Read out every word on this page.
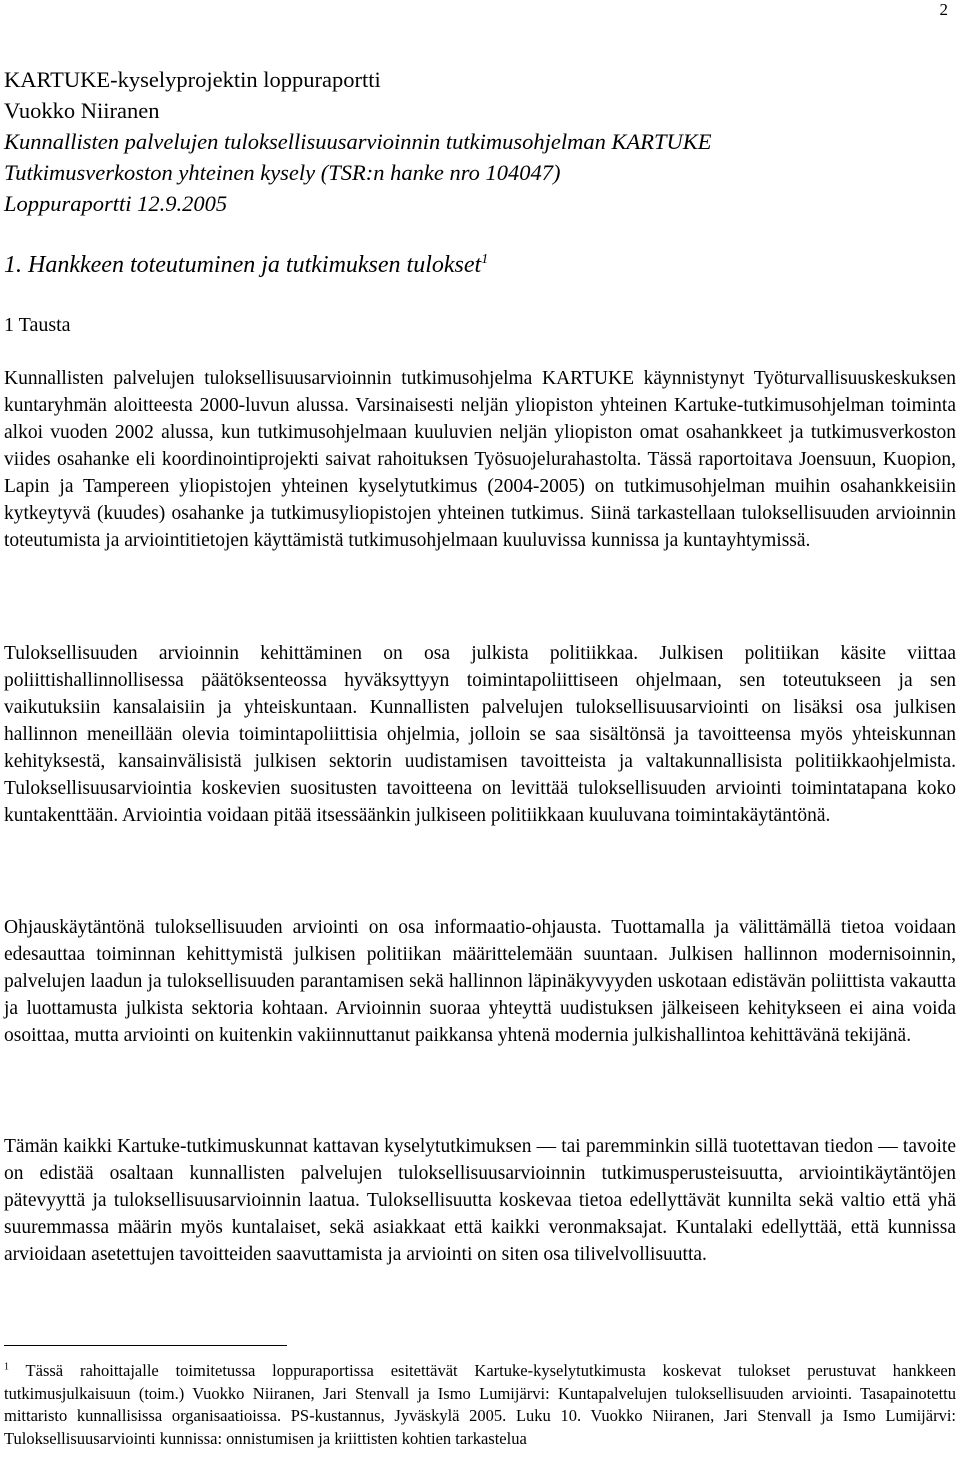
2
KARTUKE-kyselyprojektin loppuraportti
Vuokko Niiranen
Kunnallisten palvelujen tuloksellisuusarvioinnin tutkimusohjelman KARTUKE
Tutkimusverkoston yhteinen kysely (TSR:n hanke nro 104047)
Loppuraportti 12.9.2005
1. Hankkeen toteutuminen ja tutkimuksen tulokset$^1$
1 Tausta

Kunnallisten palvelujen tuloksellisuusarvioinnin tutkimusohjelma KARTUKE käynnistynyt Työturvallisuuskeskuksen kuntaryhmän aloitteesta 2000-luvun alussa. Varsinaisesti neljän yliopiston yhteinen Kartuke-tutkimusohjelman toiminta alkoi vuoden 2002 alussa, kun tutkimusohjelmaan kuuluvien neljän yliopiston omat osahankkeet ja tutkimusverkoston viides osahanke eli koordinointiprojekti saivat rahoituksen Työsuojelurahastolta. Tässä raportoitava Joensuun, Kuopion, Lapin ja Tampereen yliopistojen yhteinen kyselytutkimus (2004-2005) on tutkimusohjelman muihin osahankkeisiin kytkeytyvä (kuudes) osahanke ja tutkimusyliopistojen yhteinen tutkimus. Siinä tarkastellaan tuloksellisuuden arvioinnin toteutumista ja arviointitietojen käyttämistä tutkimusohjelmaan kuuluvissa kunnissa ja kuntayhtymissä.

Tuloksellisuuden arvioinnin kehittäminen on osa julkista politiikkaa. Julkisen politiikan käsite viittaa poliittishallinnollisessa päätöksenteossa hyväksyttyyn toimintapoliittiseen ohjelmaan, sen toteutukseen ja sen vaikutuksiin kansalaisiin ja yhteiskuntaan. Kunnallisten palvelujen tuloksellisuusarviointi on lisäksi osa julkisen hallinnon meneillään olevia toimintapoliittisia ohjelmia, jolloin se saa sisältönsä ja tavoitteensa myös yhteiskunnan kehityksestä, kansainvälisistä julkisen sektorin uudistamisen tavoitteista ja valtakunnallisista politiikkaohjelmista. Tuloksellisuusarviointia koskevien suositusten tavoitteena on levittää tuloksellisuuden arviointi toimintatapana koko kuntakenttään. Arviointia voidaan pitää itsessäänkin julkiseen politiikkaan kuuluvana toimintakäytäntönä.

Ohjauskäytäntönä tuloksellisuuden arviointi on osa informaatio-ohjausta. Tuottamalla ja välittämällä tietoa voidaan edesauttaa toiminnan kehittymistä julkisen politiikan määrittelemään suuntaan. Julkisen hallinnon modernisoinnin, palvelujen laadun ja tuloksellisuuden parantamisen sekä hallinnon läpinäkyvyyden uskotaan edistävän poliittista vakautta ja luottamusta julkista sektoria kohtaan. Arvioinnin suoraa yhteyttä uudistuksen jälkeiseen kehitykseen ei aina voida osoittaa, mutta arviointi on kuitenkin vakiinnuttanut paikkansa yhtenä modernia julkishallintoa kehittävänä tekijänä.

Tämän kaikki Kartuke-tutkimuskunnat kattavan kyselytutkimuksen — tai paremminkin sillä tuotettavan tiedon — tavoite on edistää osaltaan kunnallisten palvelujen tuloksellisuusarvioinnin tutkimusperusteisuutta, arviointikäytäntöjen pätevyyttä ja tuloksellisuusarvioinnin laatua. Tuloksellisuutta koskevaa tietoa edellyttävät kunnilta sekä valtio että yhä suuremmassa määrin myös kuntalaiset, sekä asiakkaat että kaikki veronmaksajat. Kuntalaki edellyttää, että kunnissa arvioidaan asetettujen tavoitteiden saavuttamista ja arviointi on siten osa tilivelvollisuutta.

$^1$ Tässä rahoittajalle toimitetussa loppuraportissa esitettävät Kartuke-kyselytutkimusta koskevat tulokset perustuvat hankkeen tutkimusjulkaisuun (toim.) Vuokko Niiranen, Jari Stenvall ja Ismo Lumijärvi: Kuntapalvelujen tuloksellisuuden arviointi. Tasapainotettu mittaristo kunnallisissa organisaatioissa. PS-kustannus, Jyväskylä 2005. Luku 10. Vuokko Niiranen, Jari Stenvall ja Ismo Lumijärvi: Tuloksellisuusarviointi kunnissa: onnistumisen ja kriittisten kohtien tarkastelua
